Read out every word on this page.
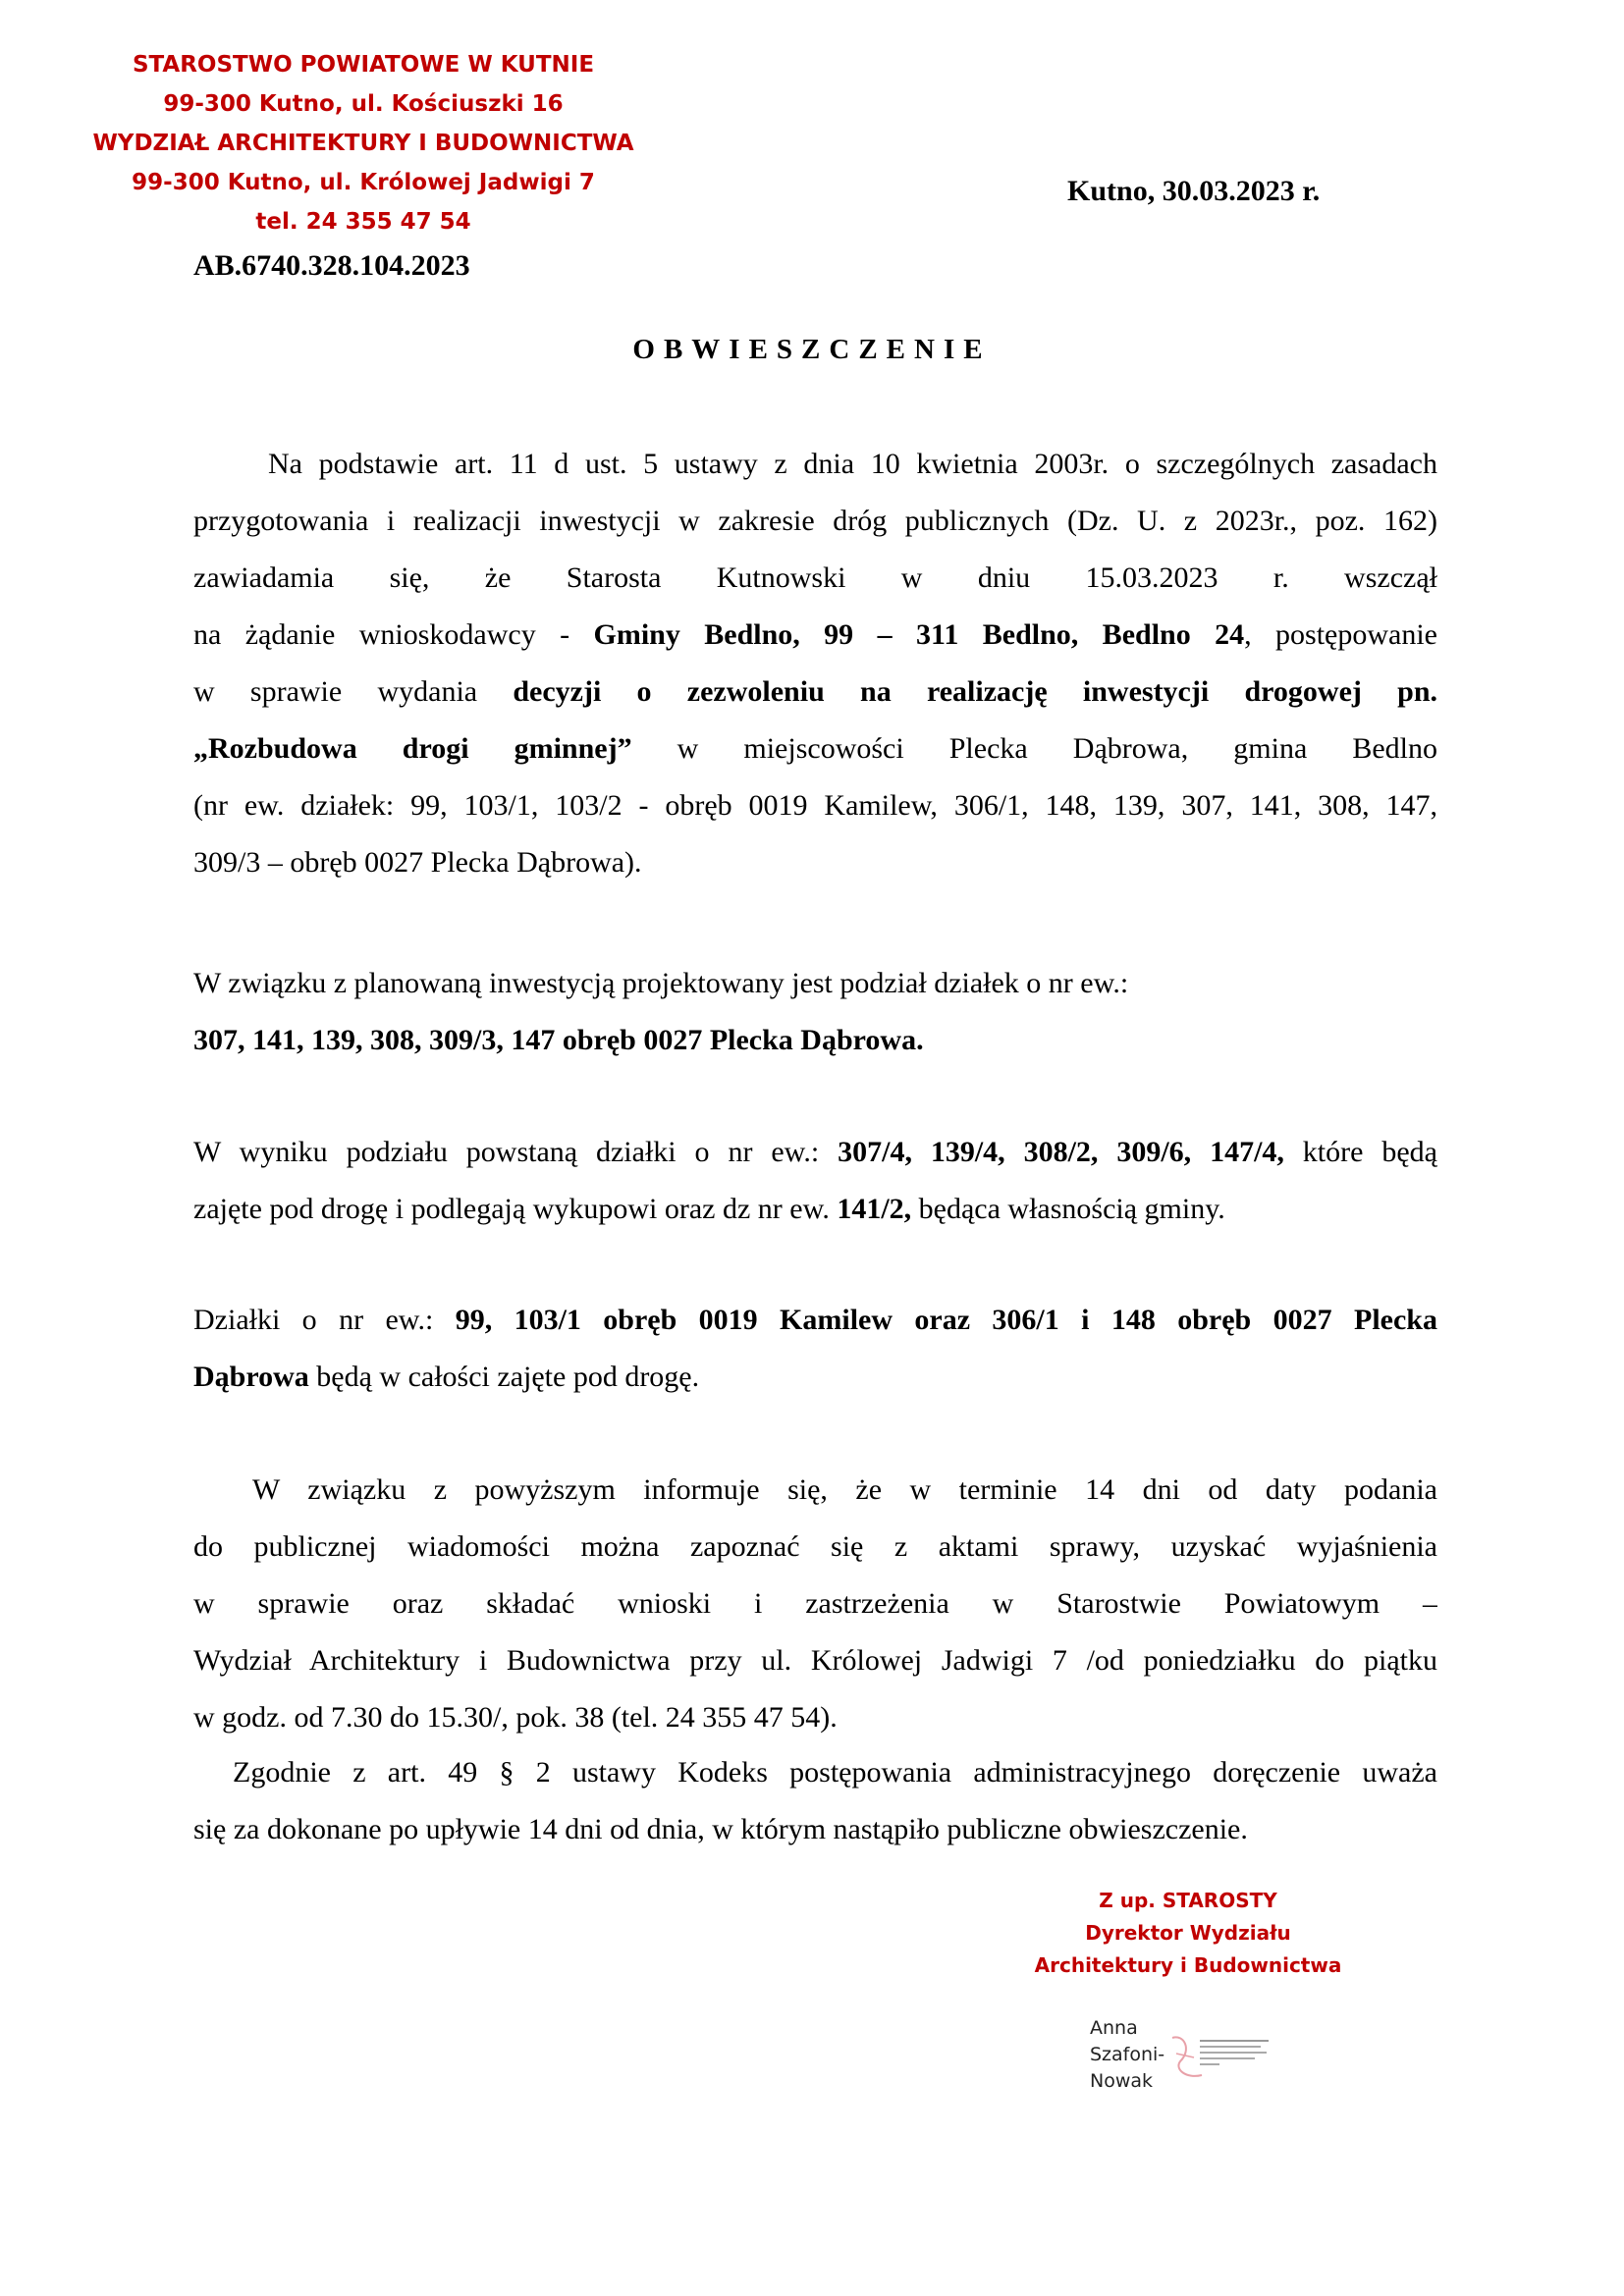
STAROSTWO POWIATOWE W KUTNIE
99-300 Kutno, ul. Kościuszki 16
WYDZIAŁ ARCHITEKTURY I BUDOWNICTWA
99-300 Kutno, ul. Królowej Jadwigi 7
tel. 24 355 47 54
AB.6740.328.104.2023
Kutno, 30.03.2023 r.
OBWIESZCZENIE
Na podstawie art. 11 d ust. 5 ustawy z dnia 10 kwietnia 2003r. o szczególnych zasadach
przygotowania i realizacji inwestycji w zakresie dróg publicznych (Dz. U. z 2023r., poz. 162)
zawiadamia się, że Starosta Kutnowski w dniu 15.03.2023 r. wszczął
na żądanie wnioskodawcy - Gminy Bedlno, 99 – 311 Bedlno, Bedlno 24, postępowanie
w sprawie wydania decyzji o zezwoleniu na realizację inwestycji drogowej pn.
„Rozbudowa drogi gminnej” w miejscowości Plecka Dąbrowa, gmina Bedlno
(nr ew. działek: 99, 103/1, 103/2 - obręb 0019 Kamilew, 306/1, 148, 139, 307, 141, 308, 147,
309/3 – obręb 0027 Plecka Dąbrowa).
W związku z planowaną inwestycją projektowany jest podział działek o nr ew.:
307, 141, 139, 308, 309/3, 147 obręb 0027 Plecka Dąbrowa.
W wyniku podziału powstaną działki o nr ew.: 307/4, 139/4, 308/2, 309/6, 147/4, które będą
zajęte pod drogę i podlegają wykupowi oraz dz nr ew. 141/2, będąca własnością gminy.
Działki o nr ew.: 99, 103/1 obręb 0019 Kamilew oraz 306/1 i 148 obręb 0027 Plecka
Dąbrowa będą w całości zajęte pod drogę.
W związku z powyższym informuje się, że w terminie 14 dni od daty podania
do publicznej wiadomości można zapoznać się z aktami sprawy, uzyskać wyjaśnienia
w sprawie oraz składać wnioski i zastrzeżenia w Starostwie Powiatowym –
Wydział Architektury i Budownictwa przy ul. Królowej Jadwigi 7 /od poniedziałku do piątku
w godz. od 7.30 do 15.30/, pok. 38 (tel. 24 355 47 54).
Zgodnie z art. 49 § 2 ustawy Kodeks postępowania administracyjnego doręczenie uważa
się za dokonane po upływie 14 dni od dnia, w którym nastąpiło publiczne obwieszczenie.
Z up. STAROSTY
Dyrektor Wydziału
Architektury i Budownictwa
Anna
Szafoni-
Nowak
